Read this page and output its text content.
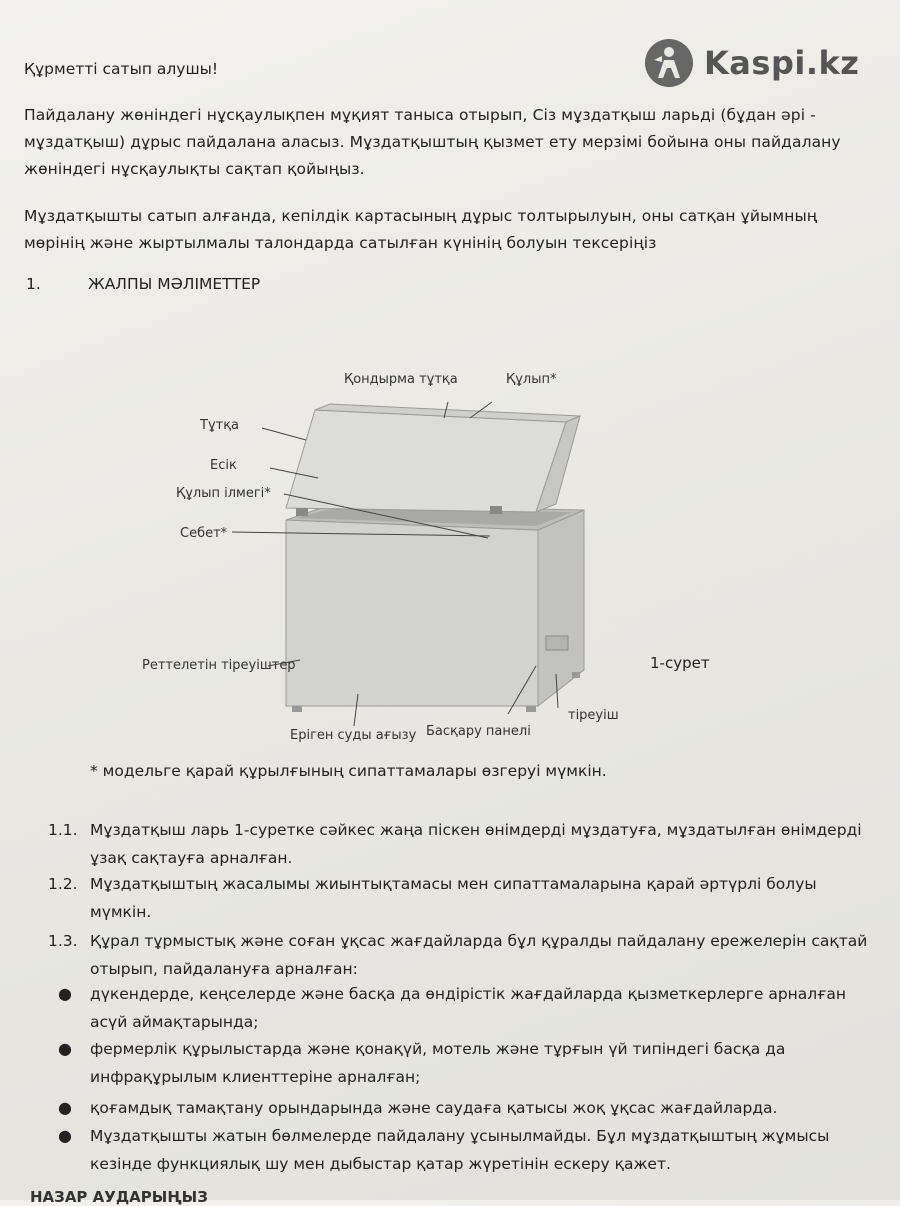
Kaspi.kz
Құрметті сатып алушы!
Пайдалану жөніндегі нұсқаулықпен мұқият таныса отырып, Сіз мұздатқыш ларьді (бұдан әрі -
мұздатқыш) дұрыс пайдалана аласыз. Мұздатқыштың қызмет ету мерзімі бойына оны пайдалану
жөніндегі нұсқаулықты сақтап қойыңыз.
Мұздатқышты сатып алғанда, кепілдік картасының дұрыс толтырылуын, оны сатқан ұйымның
мөрінің және жыртылмалы талондарда сатылған күнінің болуын тексеріңіз
1.	ЖАЛПЫ МӘЛІМЕТТЕР
Қондырма тұтқа	Құлып*
Тұтқа
Есік
Құлып ілмегі*
Себет*
Реттелетін тіреуіштер
Еріген суды ағызу Басқару панелі
тіреуіш
1-сурет
* модельге қарай құрылғының сипаттамалары өзгеруі мүмкін.
1.1. Мұздатқыш ларь 1-суретке сәйкес жаңа піскен өнімдерді мұздатуға, мұздатылған өнімдерді
ұзақ сақтауға арналған.
1.2. Мұздатқыштың жасалымы жиынтықтамасы мен сипаттамаларына қарай әртүрлі болуы
мүмкін.
1.3. Құрал тұрмыстық және соған ұқсас жағдайларда бұл құралды пайдалану ережелерін сақтай
отырып, пайдалануға арналған:
● дүкендерде, кеңселерде және басқа да өндірістік жағдайларда қызметкерлерге арналған
асүй аймақтарында;
● фермерлік құрылыстарда және қонақүй, мотель және тұрғын үй типіндегі басқа да
инфрақұрылым клиенттеріне арналған;
● қоғамдық тамақтану орындарында және саудаға қатысы жоқ ұқсас жағдайларда.
● Мұздатқышты жатын бөлмелерде пайдалану ұсынылмайды. Бұл мұздатқыштың жұмысы
кезінде функциялық шу мен дыбыстар қатар жүретінін ескеру қажет.
НАЗАР АУДАРЫҢЫЗ
